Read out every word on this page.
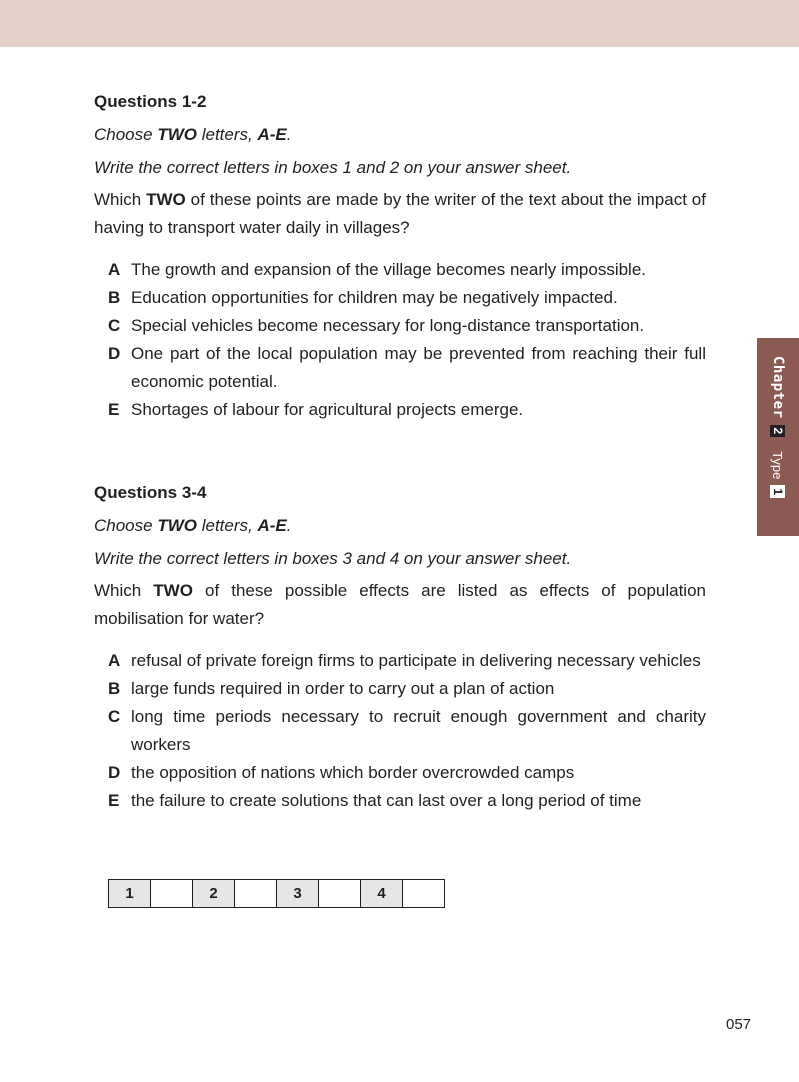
Questions 1-2

Choose TWO letters, A-E.

Write the correct letters in boxes 1 and 2 on your answer sheet.

Which TWO of these points are made by the writer of the text about the impact of having to transport water daily in villages?

A The growth and expansion of the village becomes nearly impossible.
B Education opportunities for children may be negatively impacted.
C Special vehicles become necessary for long-distance transportation.
D One part of the local population may be prevented from reaching their full economic potential.
E Shortages of labour for agricultural projects emerge.

Questions 3-4

Choose TWO letters, A-E.

Write the correct letters in boxes 3 and 4 on your answer sheet.

Which TWO of these possible effects are listed as effects of population mobilisation for water?

A refusal of private foreign firms to participate in delivering necessary vehicles
B large funds required in order to carry out a plan of action
C long time periods necessary to recruit enough government and charity workers
D the opposition of nations which border overcrowded camps
E the failure to create solutions that can last over a long period of time
1		2		3		4	
Chapter
2
Type
1
057
